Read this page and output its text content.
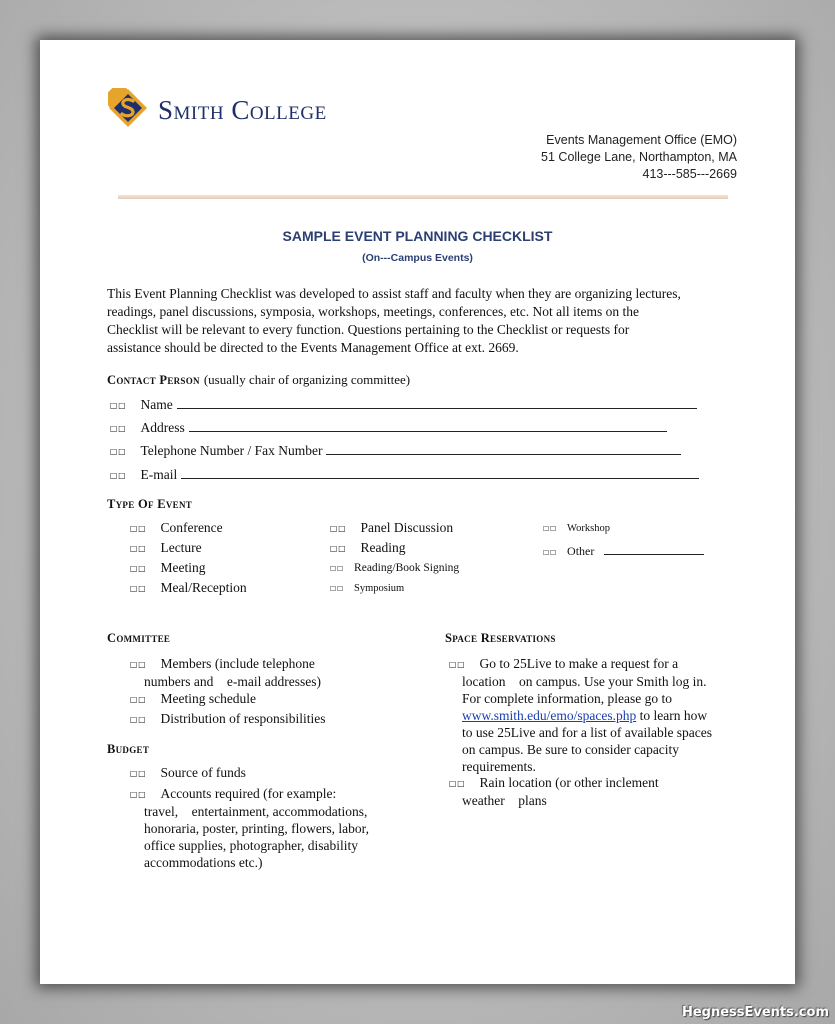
Smith College
Events Management Office (EMO)
51 College Lane, Northampton, MA
413---585---2669
SAMPLE EVENT PLANNING CHECKLIST
(On---Campus Events)
This Event Planning Checklist was developed to assist staff and faculty when they are organizing lectures,
readings, panel discussions, symposia, workshops, meetings, conferences, etc. Not all items on the
Checklist will be relevant to every function. Questions pertaining to the Checklist or requests for
assistance should be directed to the Events Management Office at ext. 2669.
Contact Person (usually chair of organizing committee)
☐☐ Name
☐☐ Address
☐☐ Telephone Number / Fax Number
☐☐ E-mail
Type Of Event
☐☐ Conference
☐☐ Lecture
☐☐ Meeting
☐☐ Meal/Reception
☐☐ Panel Discussion
☐☐ Reading
☐☐ Reading/Book Signing
☐☐ Symposium
☐☐ Workshop
☐☐ Other
Committee
☐☐ Members (include telephone
numbers and    e-mail addresses)
☐☐ Meeting schedule
☐☐ Distribution of responsibilities
Budget
☐☐ Source of funds
☐☐ Accounts required (for example:
travel,    entertainment, accommodations,
honoraria, poster, printing, flowers, labor,
office supplies, photographer, disability
accommodations etc.)
Space Reservations
☐☐ Go to 25Live to make a request for a
location    on campus. Use your Smith log in.
For complete information, please go to
www.smith.edu/emo/spaces.php to learn how
to use 25Live and for a list of available spaces
on campus. Be sure to consider capacity
requirements.
☐☐ Rain location (or other inclement
weather    plans
HegnessEvents.com
